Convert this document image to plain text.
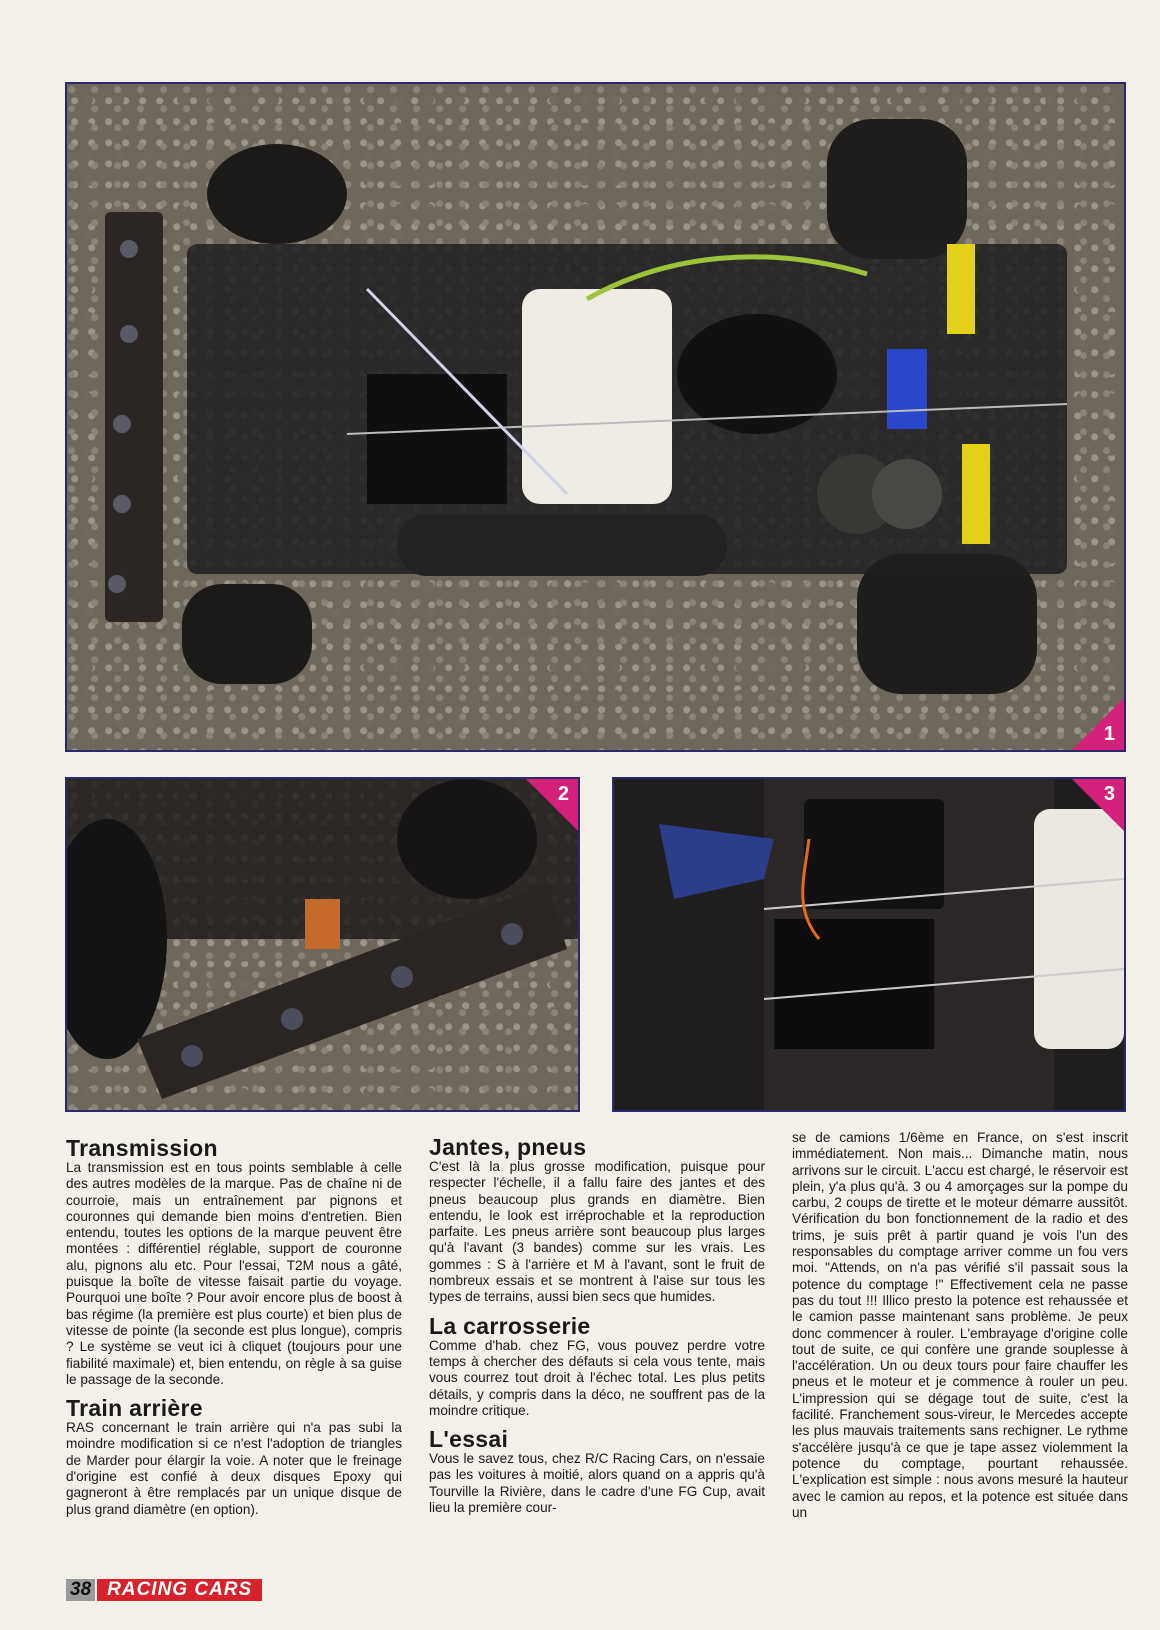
1
2	3
Transmission

La transmission est en tous points semblable à celle des autres modèles de la marque. Pas de chaîne ni de courroie, mais un entraînement par pignons et couronnes qui demande bien moins d'entretien. Bien entendu, toutes les options de la marque peuvent être montées : différentiel réglable, support de couronne alu, pignons alu etc. Pour l'essai, T2M nous a gâté, puisque la boîte de vitesse faisait partie du voyage. Pourquoi une boîte ? Pour avoir encore plus de boost à bas régime (la première est plus courte) et bien plus de vitesse de pointe (la seconde est plus longue), compris ? Le système se veut ici à cliquet (toujours pour une fiabilité maximale) et, bien entendu, on règle à sa guise le passage de la seconde.

Train arrière

RAS concernant le train arrière qui n'a pas subi la moindre modification si ce n'est l'adoption de triangles de Marder pour élargir la voie. A noter que le freinage d'origine est confié à deux disques Epoxy qui gagneront à être remplacés par un unique disque de plus grand diamètre (en option).

Jantes, pneus

C'est là la plus grosse modification, puisque pour respecter l'échelle, il a fallu faire des jantes et des pneus beaucoup plus grands en diamètre. Bien entendu, le look est irréprochable et la reproduction parfaite. Les pneus arrière sont beaucoup plus larges qu'à l'avant (3 bandes) comme sur les vrais. Les gommes : S à l'arrière et M à l'avant, sont le fruit de nombreux essais et se montrent à l'aise sur tous les types de terrains, aussi bien secs que humides.

La carrosserie

Comme d'hab. chez FG, vous pouvez perdre votre temps à chercher des défauts si cela vous tente, mais vous courrez tout droit à l'échec total. Les plus petits détails, y compris dans la déco, ne souffrent pas de la moindre critique.

L'essai

Vous le savez tous, chez R/C Racing Cars, on n'essaie pas les voitures à moitié, alors quand on a appris qu'à Tourville la Rivière, dans le cadre d'une FG Cup, avait lieu la première cour-

se de camions 1/6ème en France, on s'est inscrit immédiatement. Non mais... Dimanche matin, nous arrivons sur le circuit. L'accu est chargé, le réservoir est plein, y'a plus qu'à. 3 ou 4 amorçages sur la pompe du carbu, 2 coups de tirette et le moteur démarre aussitôt. Vérification du bon fonctionnement de la radio et des trims, je suis prêt à partir quand je vois l'un des responsables du comptage arriver comme un fou vers moi. "Attends, on n'a pas vérifié s'il passait sous la potence du comptage !" Effectivement cela ne passe pas du tout !!! Illico presto la potence est rehaussée et le camion passe maintenant sans problème. Je peux donc commencer à rouler. L'embrayage d'origine colle tout de suite, ce qui confère une grande souplesse à l'accélération. Un ou deux tours pour faire chauffer les pneus et le moteur et je commence à rouler un peu. L'impression qui se dégage tout de suite, c'est la facilité. Franchement sous-vireur, le Mercedes accepte les plus mauvais traitements sans rechigner. Le rythme s'accélère jusqu'à ce que je tape assez violemment la potence du comptage, pourtant rehaussée. L'explication est simple : nous avons mesuré la hauteur avec le camion au repos, et la potence est située dans un

38 RACING CARS
